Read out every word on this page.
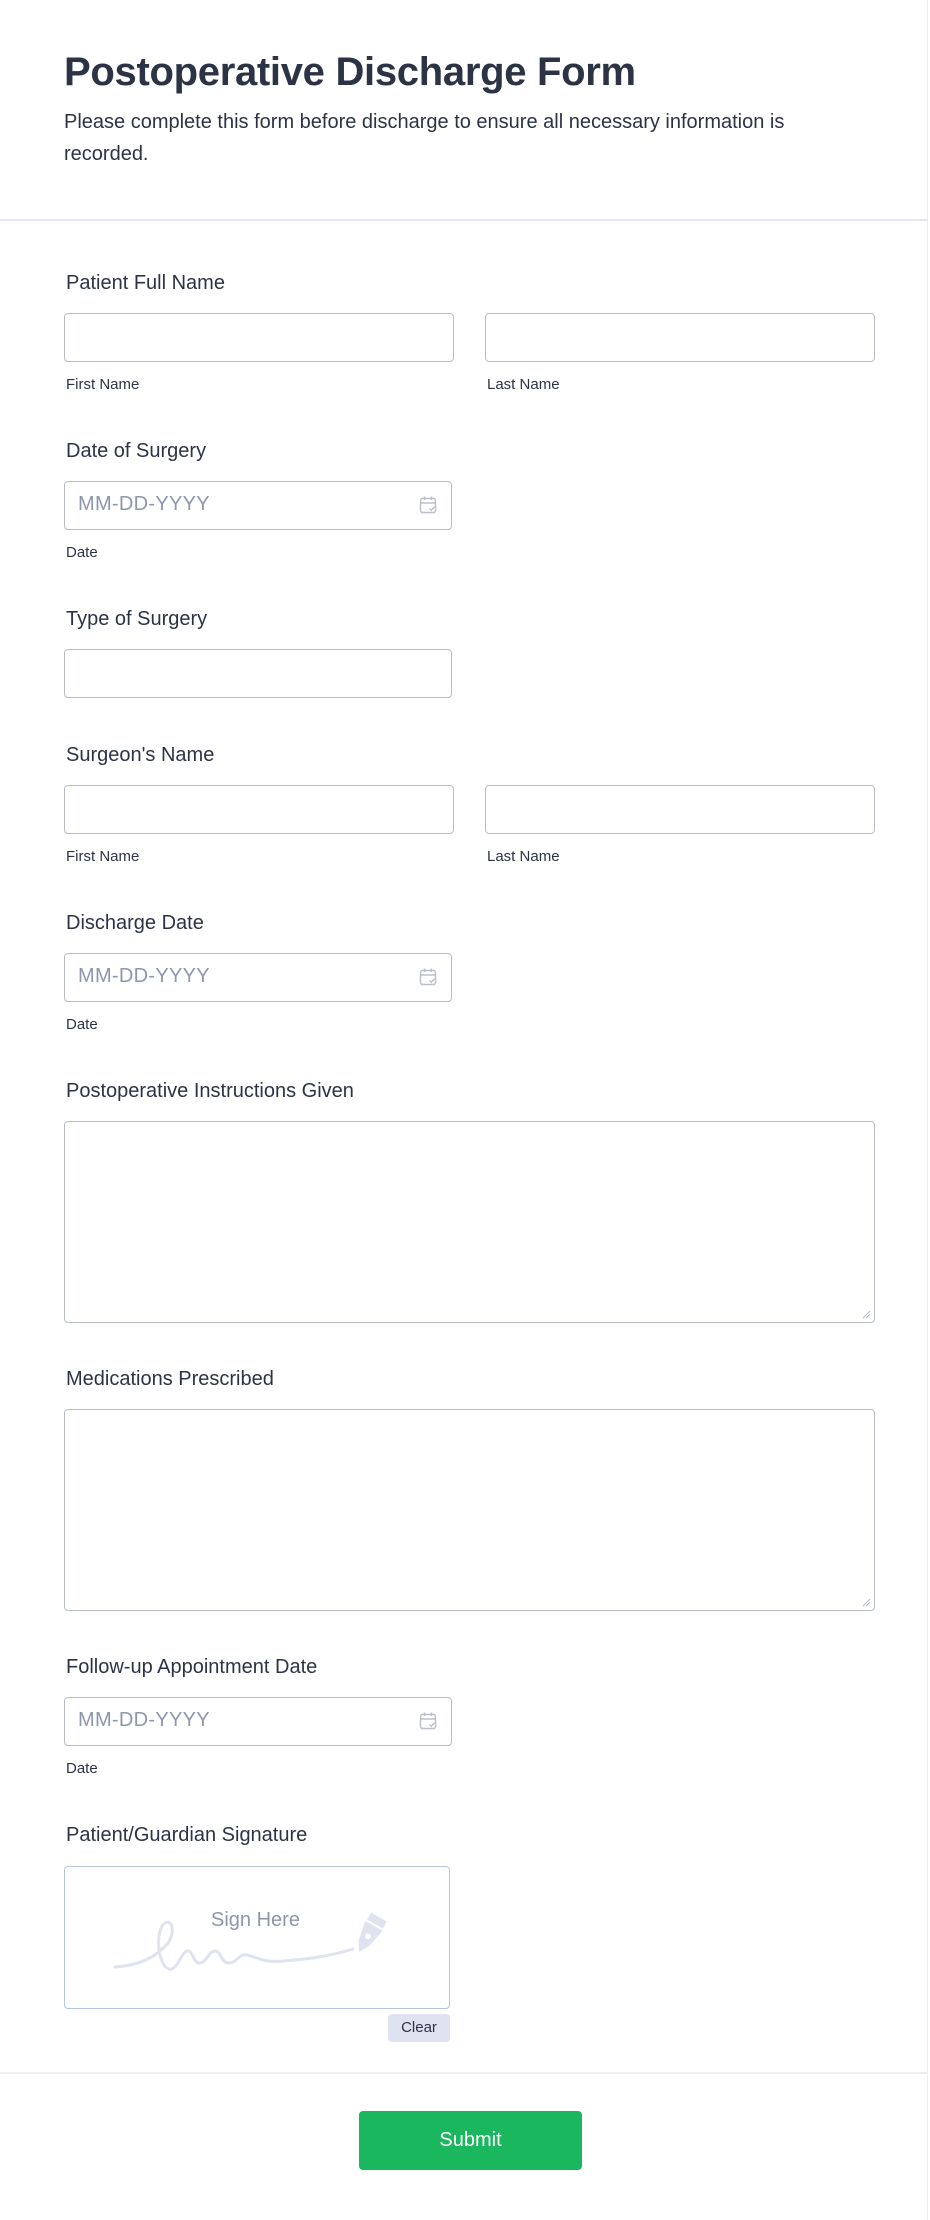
Postoperative Discharge Form

Please complete this form before discharge to ensure all necessary information is recorded.

Patient Full Name
First Name	Last Name
Date of Surgery
MM-DD-YYYY
Date
Type of Surgery
Surgeon's Name
First Name	Last Name
Discharge Date
MM-DD-YYYY
Date
Postoperative Instructions Given
Medications Prescribed
Follow-up Appointment Date
MM-DD-YYYY
Date
Patient/Guardian Signature
Sign Here
Clear
Submit
